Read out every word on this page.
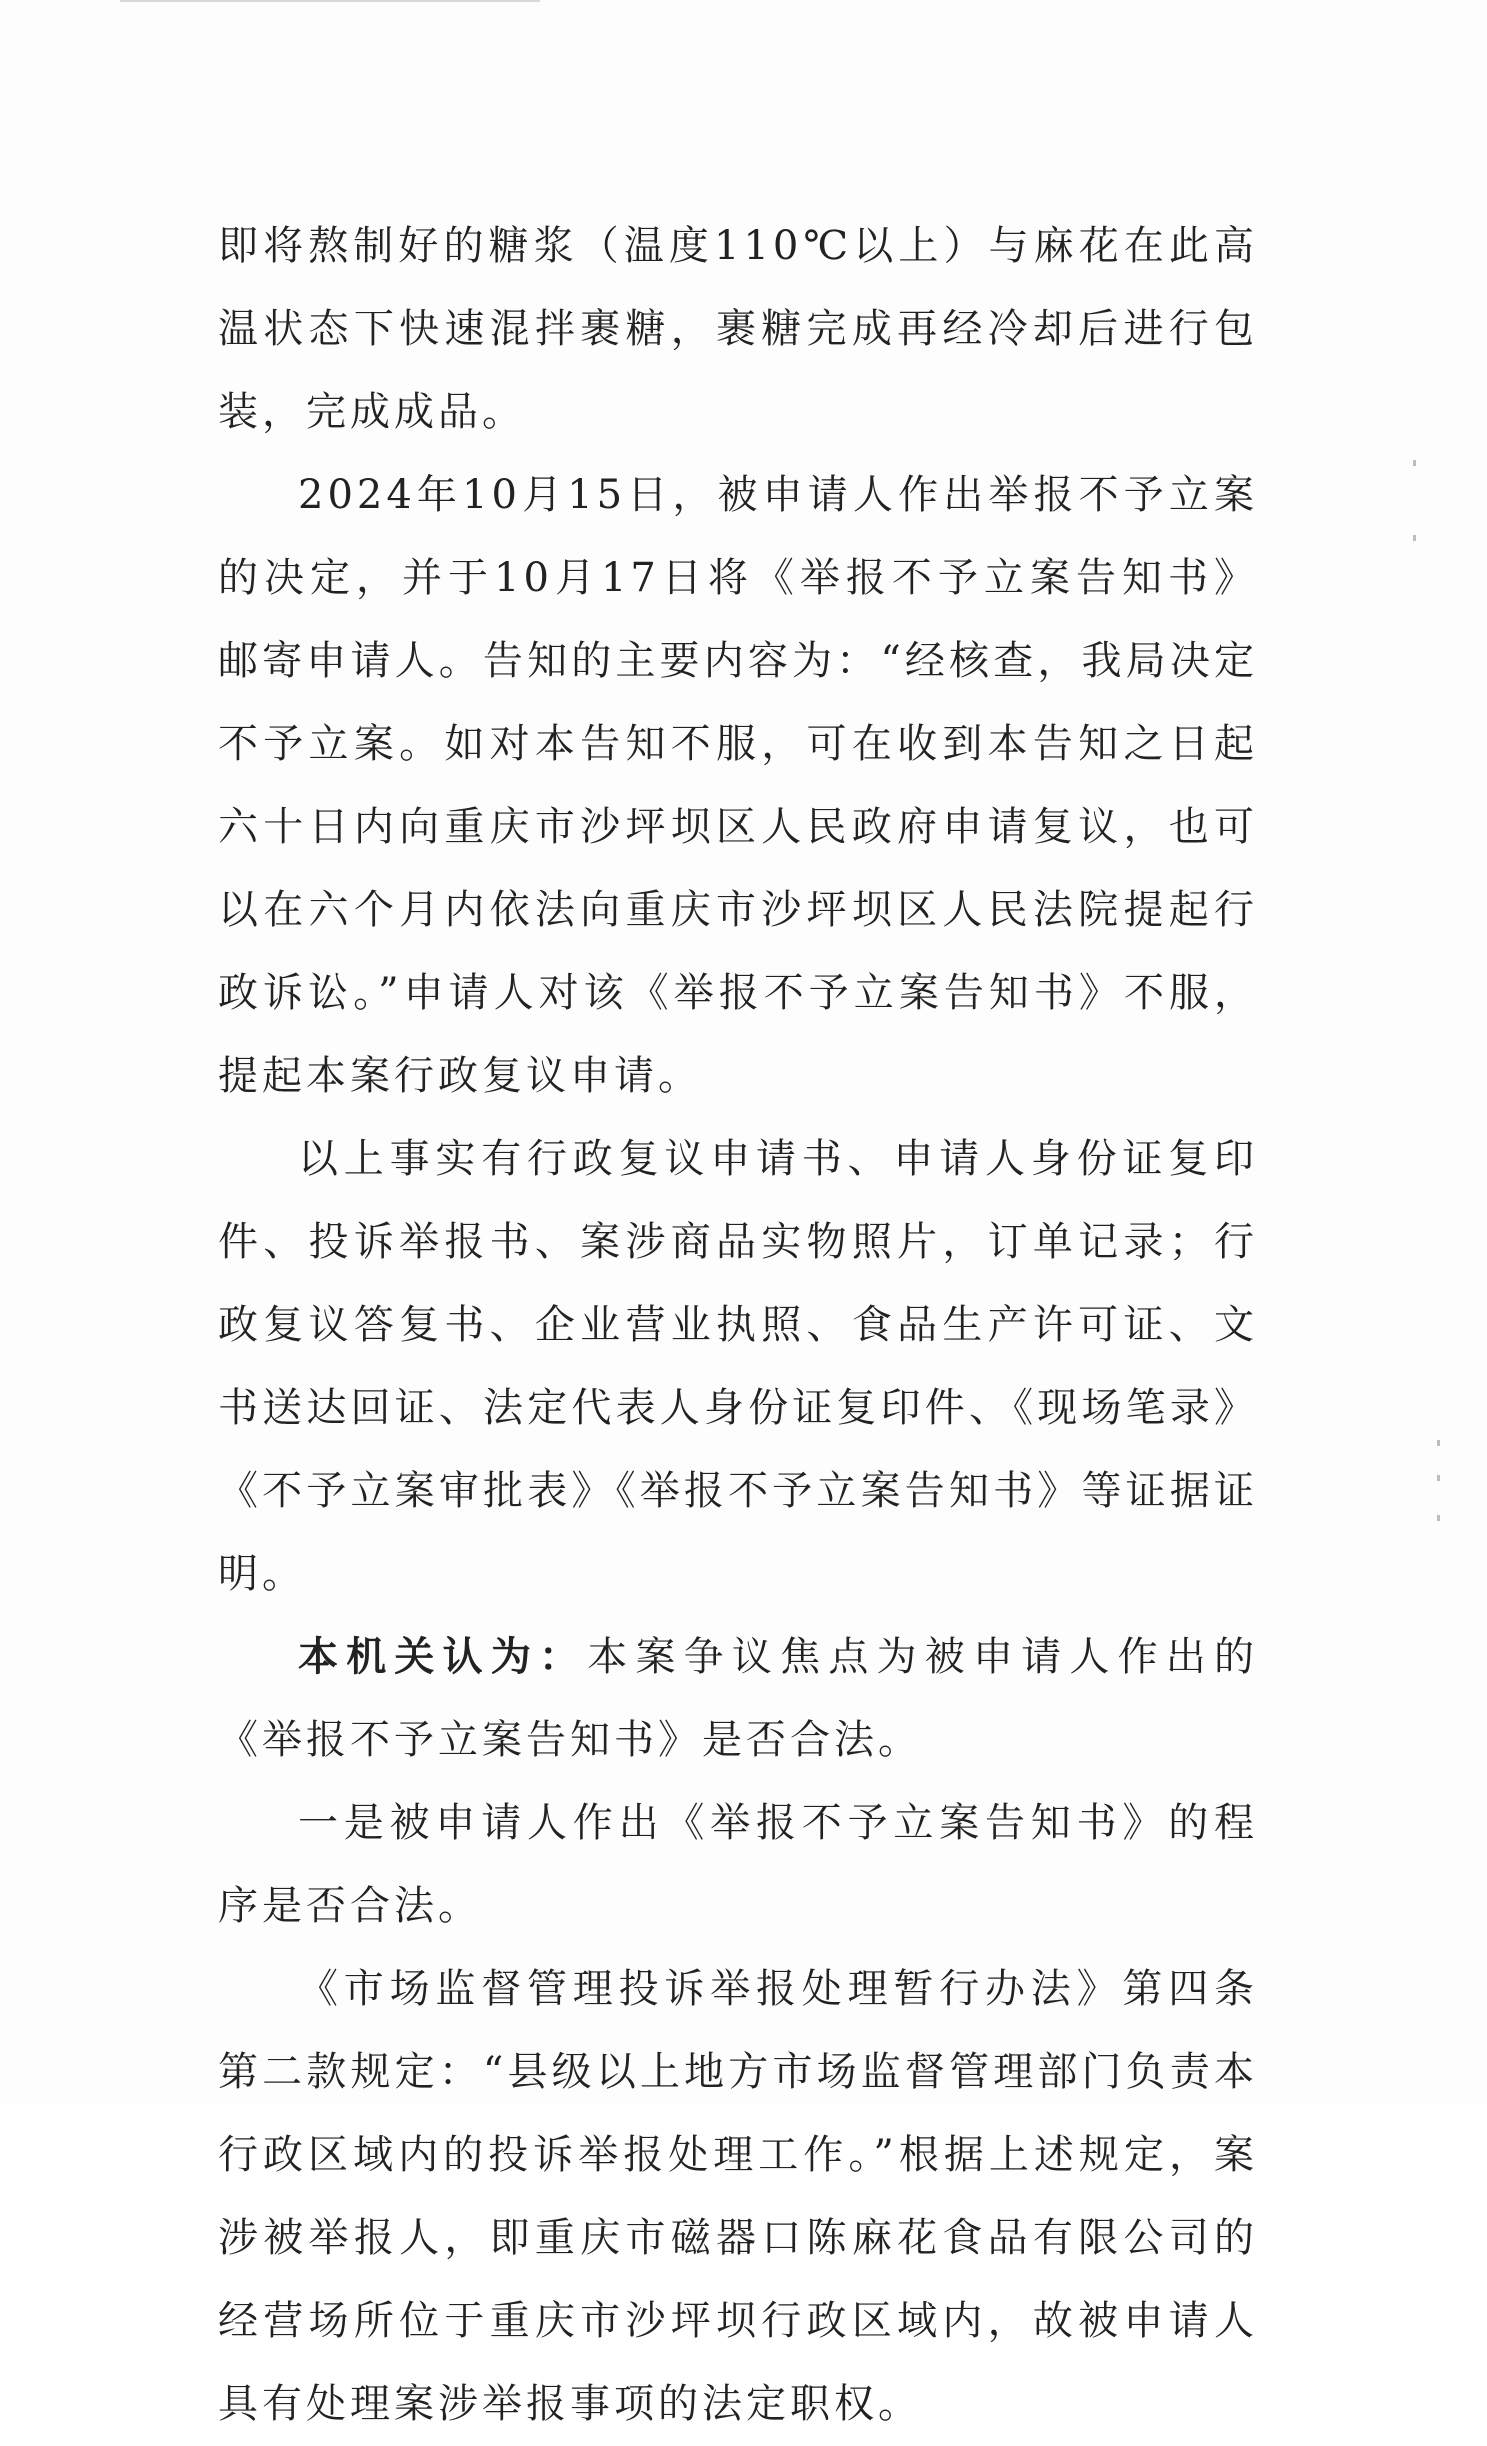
即将熬制好的糖浆（温度110℃以上）与麻花在此高温状态下快速混拌裹糖，裹糖完成再经冷却后进行包装，完成成品。

2024年10月15日，被申请人作出举报不予立案的决定，并于10月17日将《举报不予立案告知书》邮寄申请人。告知的主要内容为：“经核查，我局决定不予立案。如对本告知不服，可在收到本告知之日起六十日内向重庆市沙坪坝区人民政府申请复议，也可以在六个月内依法向重庆市沙坪坝区人民法院提起行政诉讼。”申请人对该《举报不予立案告知书》不服，提起本案行政复议申请。

以上事实有行政复议申请书、申请人身份证复印件、投诉举报书、案涉商品实物照片，订单记录；行政复议答复书、企业营业执照、食品生产许可证、文书送达回证、法定代表人身份证复印件、《现场笔录》《不予立案审批表》《举报不予立案告知书》等证据证明。

本机关认为：本案争议焦点为被申请人作出的《举报不予立案告知书》是否合法。

一是被申请人作出《举报不予立案告知书》的程序是否合法。

《市场监督管理投诉举报处理暂行办法》第四条第二款规定：“县级以上地方市场监督管理部门负责本行政区域内的投诉举报处理工作。”根据上述规定，案涉被举报人，即重庆市磁器口陈麻花食品有限公司的经营场所位于重庆市沙坪坝行政区域内，故被申请人具有处理案涉举报事项的法定职权。
